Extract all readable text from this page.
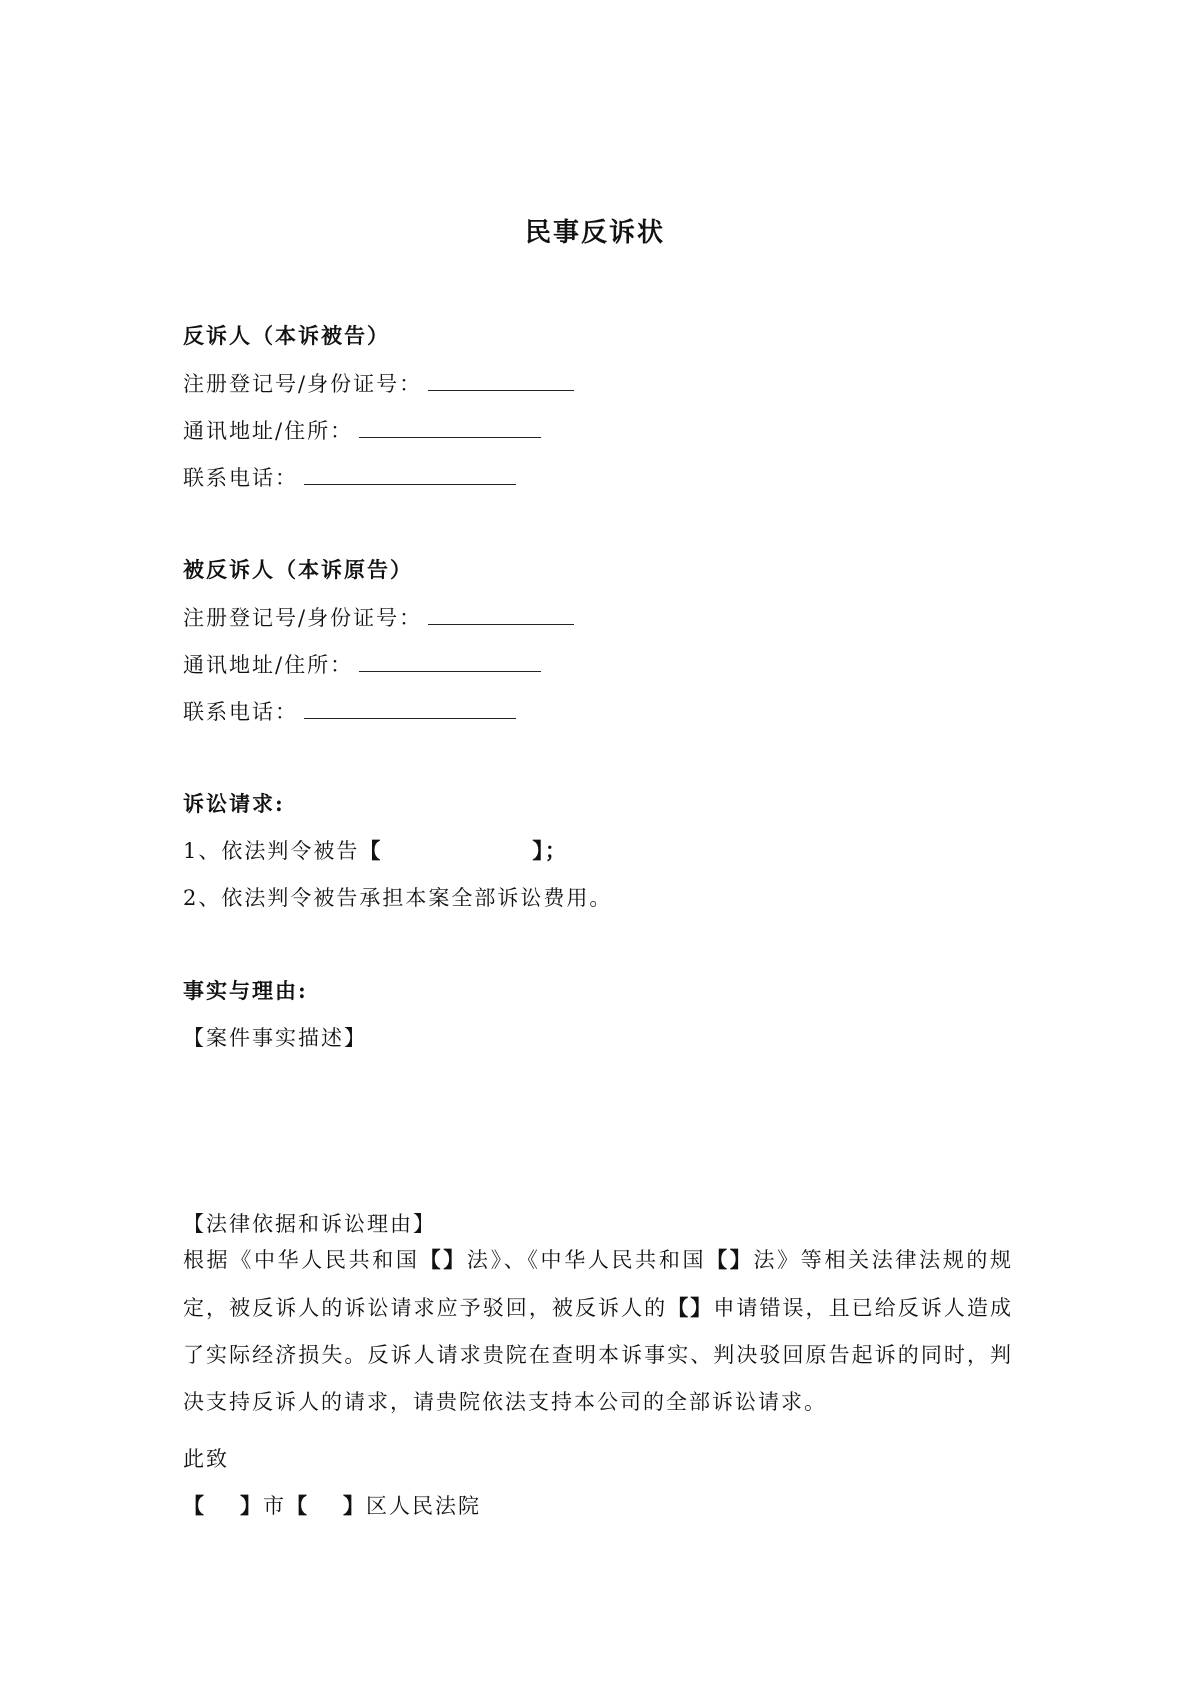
民事反诉状
反诉人（本诉被告）
注册登记号/身份证号：
通讯地址/住所：
联系电话：
被反诉人（本诉原告）
注册登记号/身份证号：
通讯地址/住所：
联系电话：
诉讼请求:
1、依法判令被告【	】；
2、依法判令被告承担本案全部诉讼费用。
事实与理由:
【案件事实描述】
【法律依据和诉讼理由】
根据《中华人民共和国【】法》、《中华人民共和国【】法》等相关法律法规的规定，被反诉人的诉讼请求应予驳回，被反诉人的【】申请错误，且已给反诉人造成了实际经济损失。反诉人请求贵院在查明本诉事实、判决驳回原告起诉的同时，判决支持反诉人的请求，请贵院依法支持本公司的全部诉讼请求。
此致
【 】市【 】区人民法院
